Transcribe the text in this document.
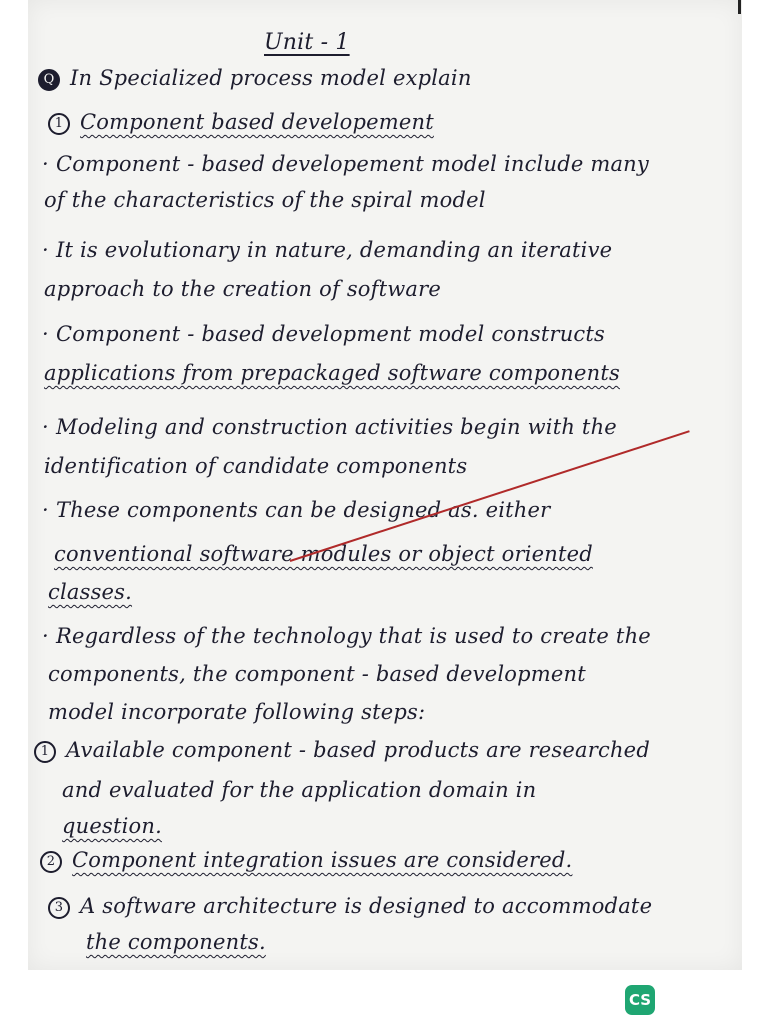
Unit - 1
Q In Specialized process model explain
1 Component based developement
· Component - based developement model include many
of the characteristics of the spiral model
· It is evolutionary in nature, demanding an iterative
approach to the creation of software
· Component - based development model constructs
applications from prepackaged software components
· Modeling and construction activities begin with the
identification of candidate components
· These components can be designed as. either
conventional software modules or object oriented
classes.
· Regardless of the technology that is used to create the
components, the component - based development
model incorporate following steps:
1 Available component - based products are researched
and evaluated for the application domain in
question.
2 Component integration issues are considered.
3 A software architecture is designed to accommodate
the components.
CS
